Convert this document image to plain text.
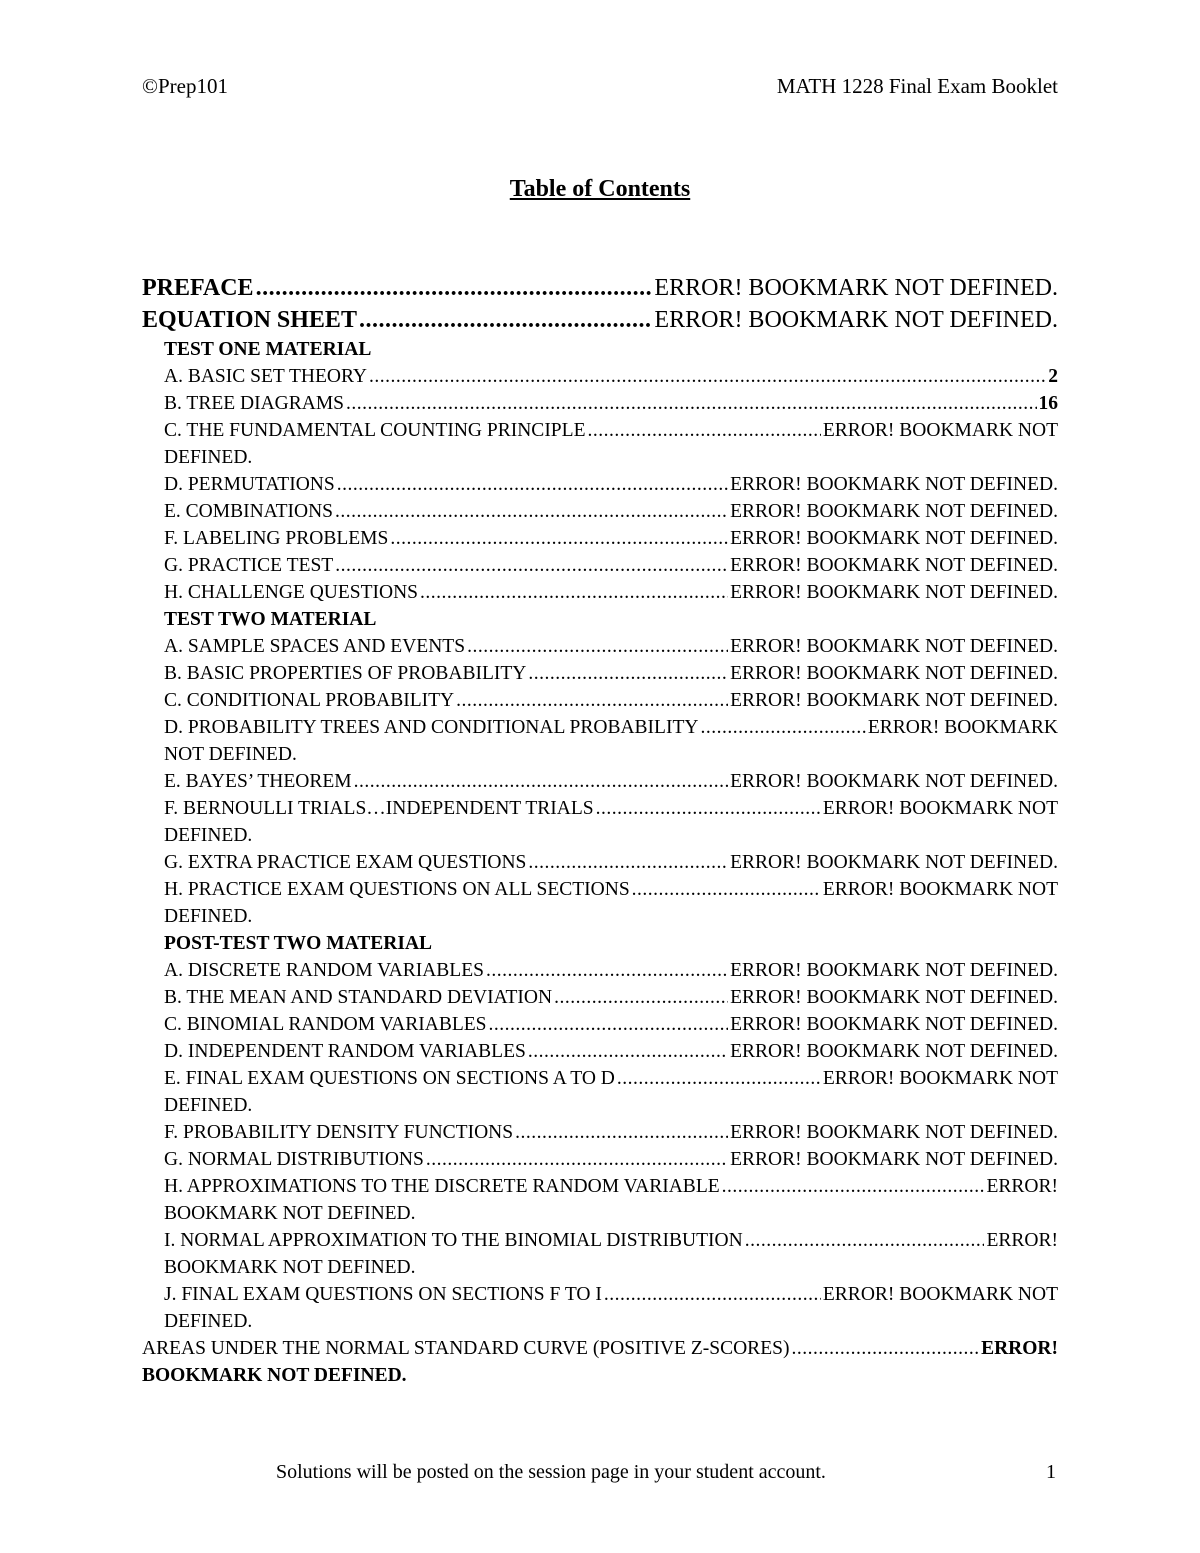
©Prep101	MATH 1228 Final Exam Booklet
Table of Contents
PREFACE .....	ERROR! BOOKMARK NOT DEFINED.
EQUATION SHEET .....	ERROR! BOOKMARK NOT DEFINED.
TEST ONE MATERIAL
A. BASIC SET THEORY .....	2
B. TREE DIAGRAMS .....	16
C. THE FUNDAMENTAL COUNTING PRINCIPLE .....	ERROR! BOOKMARK NOT
DEFINED.
D. PERMUTATIONS .....	ERROR! BOOKMARK NOT DEFINED.
E. COMBINATIONS .....	ERROR! BOOKMARK NOT DEFINED.
F. LABELING PROBLEMS .....	ERROR! BOOKMARK NOT DEFINED.
G. PRACTICE TEST .....	ERROR! BOOKMARK NOT DEFINED.
H. CHALLENGE QUESTIONS .....	ERROR! BOOKMARK NOT DEFINED.
TEST TWO MATERIAL
A. SAMPLE SPACES AND EVENTS .....	ERROR! BOOKMARK NOT DEFINED.
B. BASIC PROPERTIES OF PROBABILITY .....	ERROR! BOOKMARK NOT DEFINED.
C. CONDITIONAL PROBABILITY .....	ERROR! BOOKMARK NOT DEFINED.
D. PROBABILITY TREES AND CONDITIONAL PROBABILITY .....	ERROR! BOOKMARK
NOT DEFINED.
E. BAYES’ THEOREM .....	ERROR! BOOKMARK NOT DEFINED.
F. BERNOULLI TRIALS…INDEPENDENT TRIALS .....	ERROR! BOOKMARK NOT
DEFINED.
G. EXTRA PRACTICE EXAM QUESTIONS .....	ERROR! BOOKMARK NOT DEFINED.
H. PRACTICE EXAM QUESTIONS ON ALL SECTIONS .....	ERROR! BOOKMARK NOT
DEFINED.
POST-TEST TWO MATERIAL
A. DISCRETE RANDOM VARIABLES .....	ERROR! BOOKMARK NOT DEFINED.
B. THE MEAN AND STANDARD DEVIATION .....	ERROR! BOOKMARK NOT DEFINED.
C. BINOMIAL RANDOM VARIABLES .....	ERROR! BOOKMARK NOT DEFINED.
D. INDEPENDENT RANDOM VARIABLES .....	ERROR! BOOKMARK NOT DEFINED.
E. FINAL EXAM QUESTIONS ON SECTIONS A TO D .....	ERROR! BOOKMARK NOT
DEFINED.
F. PROBABILITY DENSITY FUNCTIONS .....	ERROR! BOOKMARK NOT DEFINED.
G. NORMAL DISTRIBUTIONS .....	ERROR! BOOKMARK NOT DEFINED.
H. APPROXIMATIONS TO THE DISCRETE RANDOM VARIABLE .....	ERROR!
BOOKMARK NOT DEFINED.
I. NORMAL APPROXIMATION TO THE BINOMIAL DISTRIBUTION .....	ERROR!
BOOKMARK NOT DEFINED.
J. FINAL EXAM QUESTIONS ON SECTIONS F TO I .....	ERROR! BOOKMARK NOT
DEFINED.
AREAS UNDER THE NORMAL STANDARD CURVE (POSITIVE Z-SCORES) .....	ERROR!
BOOKMARK NOT DEFINED.
Solutions will be posted on the session page in your student account.	1
